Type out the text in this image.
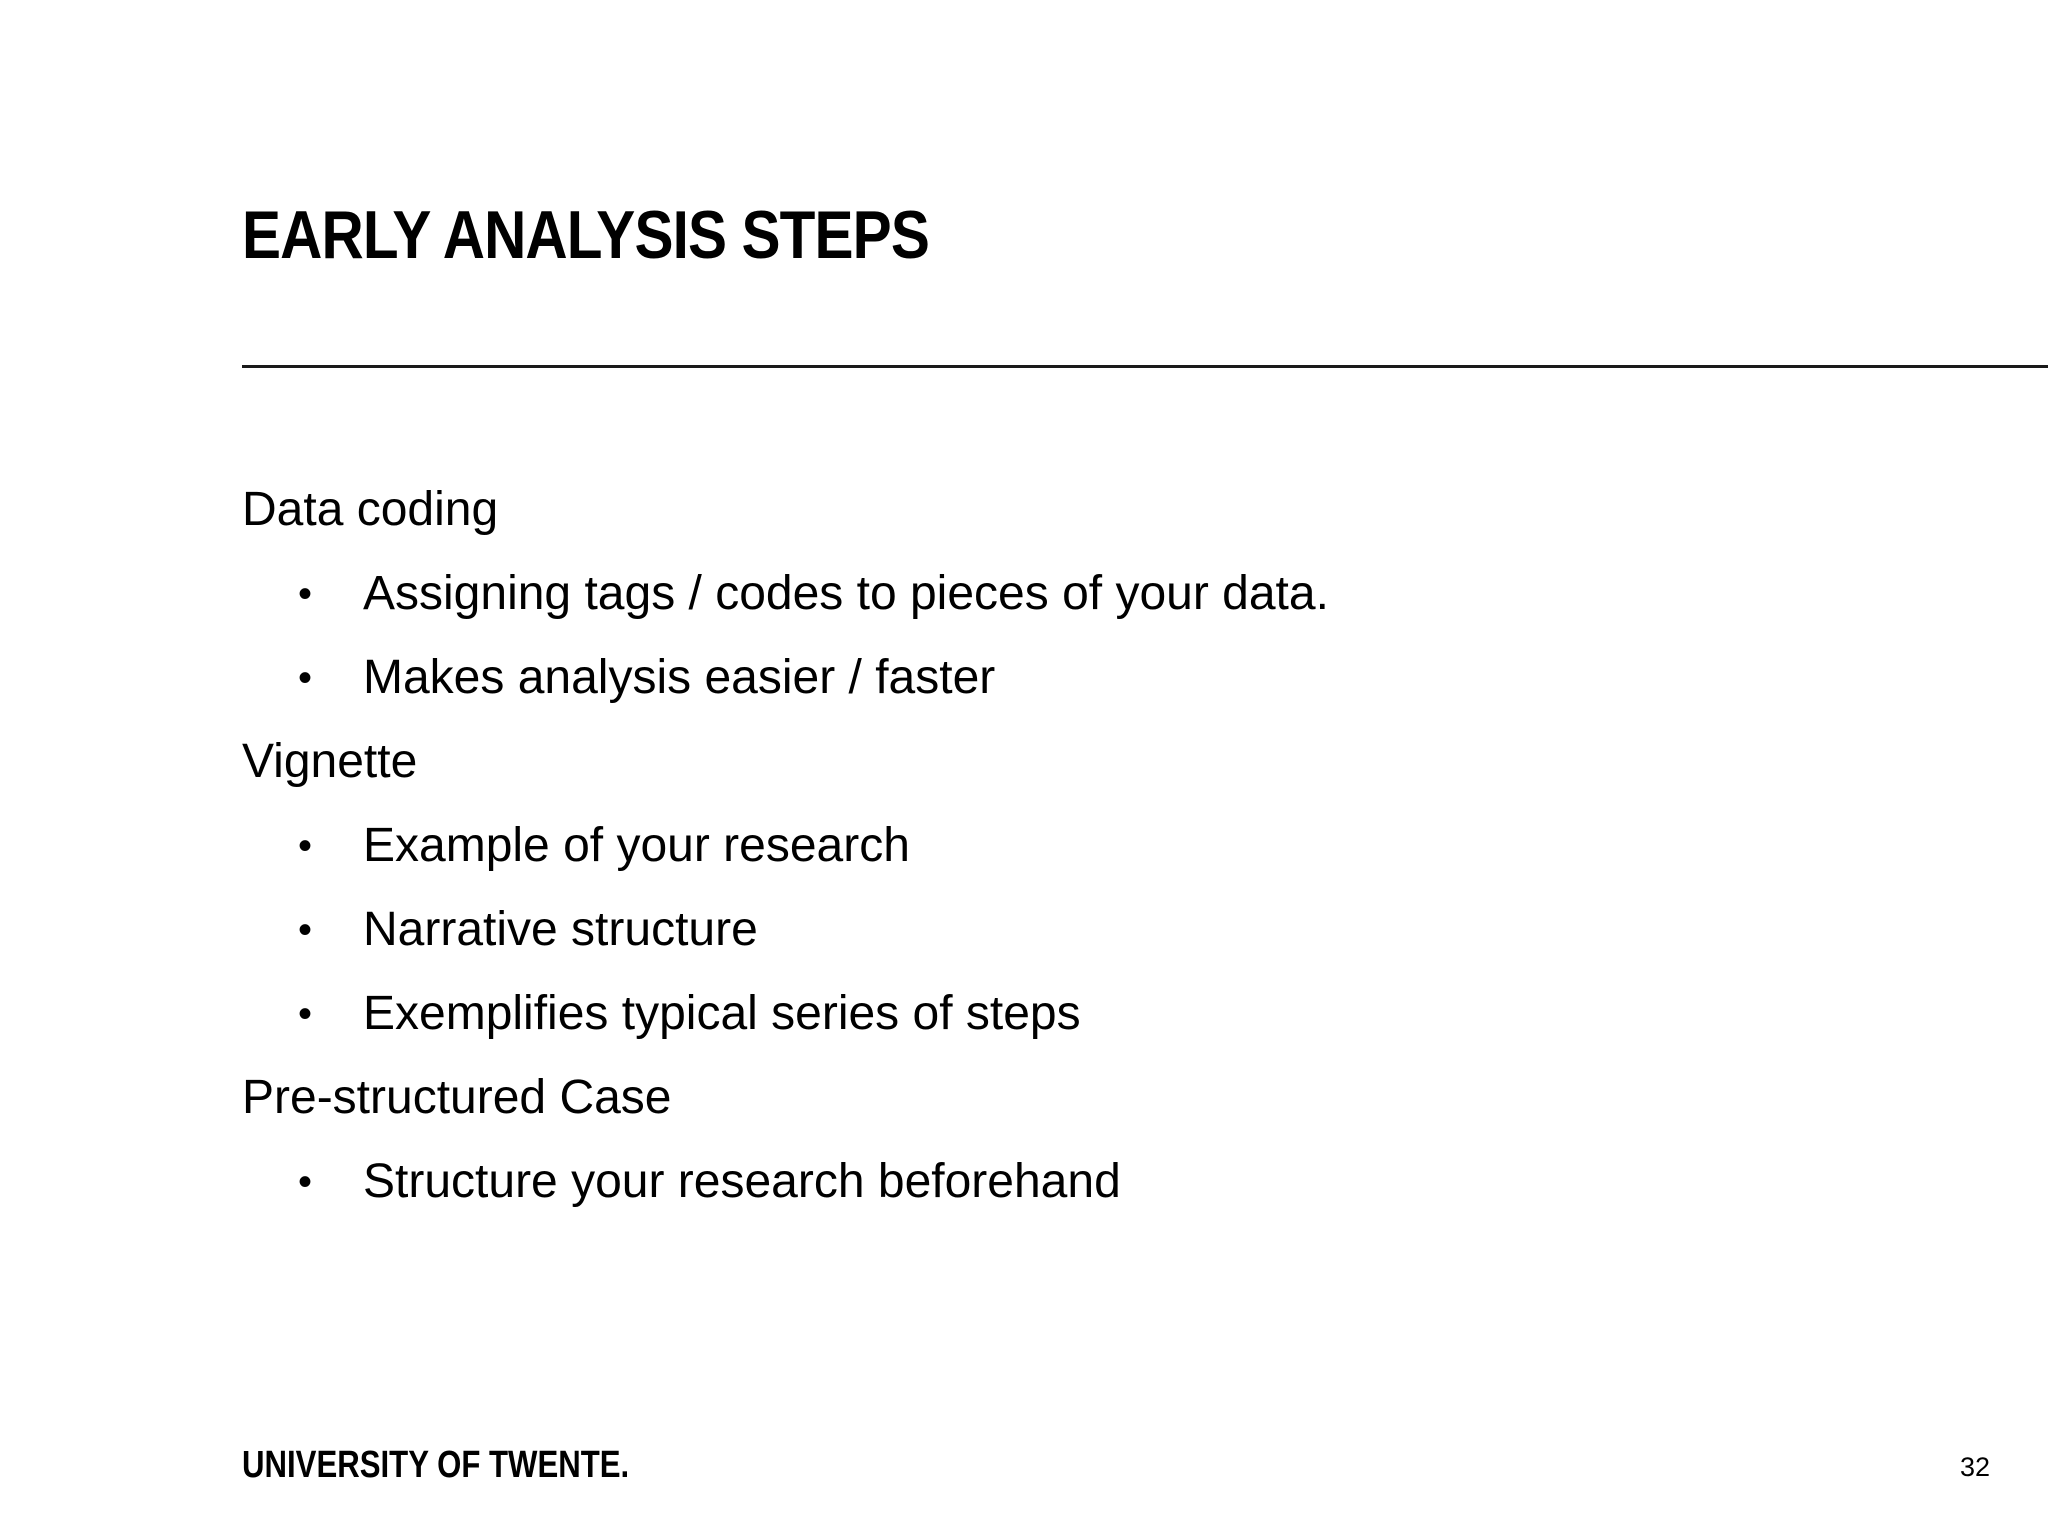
EARLY ANALYSIS STEPS
Data coding
• Assigning tags / codes to pieces of your data.
• Makes analysis easier / faster
Vignette
• Example of your research
• Narrative structure
• Exemplifies typical series of steps
Pre-structured Case
• Structure your research beforehand
UNIVERSITY OF TWENTE.	32
